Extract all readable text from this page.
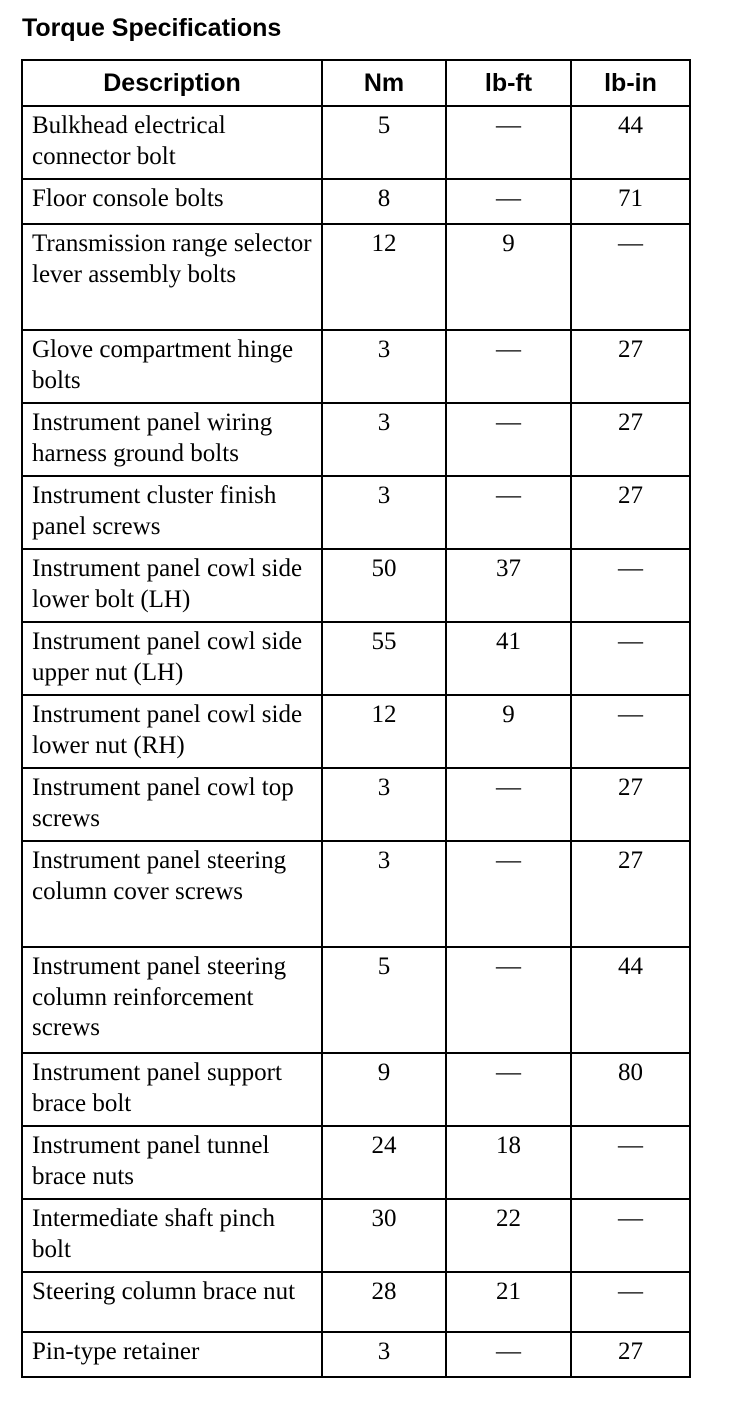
Torque Specifications
Description	Nm	lb-ft	lb-in
Bulkhead electrical connector bolt	5	—	44
Floor console bolts	8	—	71
Transmission range selector lever assembly bolts	12	9	—
Glove compartment hinge bolts	3	—	27
Instrument panel wiring harness ground bolts	3	—	27
Instrument cluster finish panel screws	3	—	27
Instrument panel cowl side lower bolt (LH)	50	37	—
Instrument panel cowl side upper nut (LH)	55	41	—
Instrument panel cowl side lower nut (RH)	12	9	—
Instrument panel cowl top screws	3	—	27
Instrument panel steering column cover screws	3	—	27
Instrument panel steering column reinforcement screws	5	—	44
Instrument panel support brace bolt	9	—	80
Instrument panel tunnel brace nuts	24	18	—
Intermediate shaft pinch bolt	30	22	—
Steering column brace nut	28	21	—
Pin-type retainer	3	—	27
